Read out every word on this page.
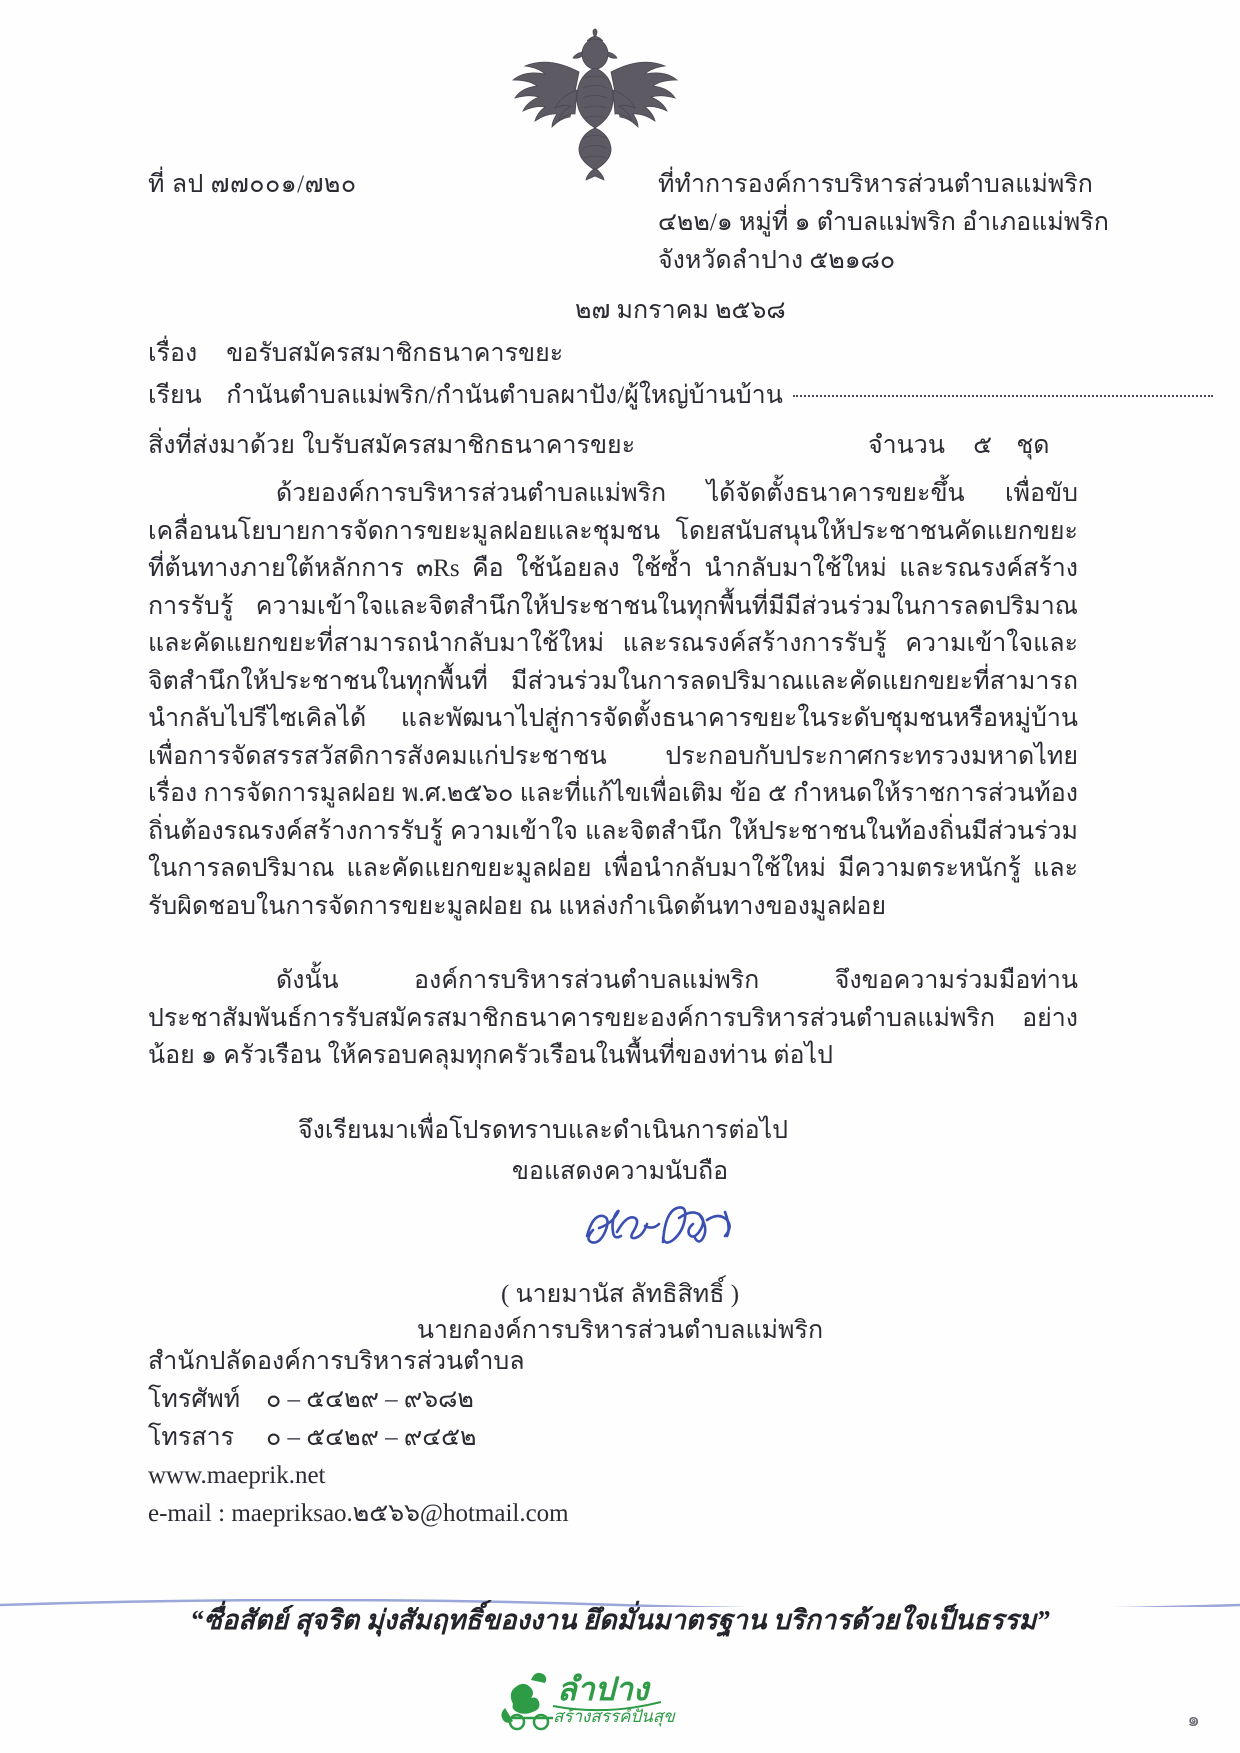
ที่ ลป ๗๗๐๐๑/๗๒๐	ที่ทำการองค์การบริหารส่วนตำบลแม่พริก
๔๒๒/๑ หมู่ที่ ๑ ตำบลแม่พริก อำเภอแม่พริก
จังหวัดลำปาง ๕๒๑๘๐
๒๗ มกราคม ๒๕๖๘
เรื่อง ขอรับสมัครสมาชิกธนาคารขยะ
เรียน กำนันตำบลแม่พริก/กำนันตำบลผาปัง/ผู้ใหญ่บ้านบ้าน
สิ่งที่ส่งมาด้วย ใบรับสมัครสมาชิกธนาคารขยะ	จำนวน ๕ ชุด

ด้วยองค์การบริหารส่วนตำบลแม่พริก ได้จัดตั้งธนาคารขยะขึ้น เพื่อขับเคลื่อนนโยบายการจัดการขยะมูลฝอยและชุมชน โดยสนับสนุนให้ประชาชนคัดแยกขยะที่ต้นทางภายใต้หลักการ ๓Rs คือ ใช้น้อยลง ใช้ซ้ำ นำกลับมาใช้ใหม่ และรณรงค์สร้างการรับรู้ ความเข้าใจและจิตสำนึกให้ประชาชนในทุกพื้นที่มีมีส่วนร่วมในการลดปริมาณและคัดแยกขยะที่สามารถนำกลับมาใช้ใหม่ และรณรงค์สร้างการรับรู้ ความเข้าใจและจิตสำนึกให้ประชาชนในทุกพื้นที่ มีส่วนร่วมในการลดปริมาณและคัดแยกขยะที่สามารถนำกลับไปรีไซเคิลได้ และพัฒนาไปสู่การจัดตั้งธนาคารขยะในระดับชุมชนหรือหมู่บ้านเพื่อการจัดสรรสวัสดิการสังคมแก่ประชาชน ประกอบกับประกาศกระทรวงมหาดไทย เรื่อง การจัดการมูลฝอย พ.ศ.๒๕๖๐ และที่แก้ไขเพื่อเติม ข้อ ๕ กำหนดให้ราชการส่วนท้องถิ่นต้องรณรงค์สร้างการรับรู้ ความเข้าใจ และจิตสำนึก ให้ประชาชนในท้องถิ่นมีส่วนร่วมในการลดปริมาณ และคัดแยกขยะมูลฝอย เพื่อนำกลับมาใช้ใหม่ มีความตระหนักรู้ และรับผิดชอบในการจัดการขยะมูลฝอย ณ แหล่งกำเนิดต้นทางของมูลฝอย

ดังนั้น องค์การบริหารส่วนตำบลแม่พริก จึงขอความร่วมมือท่านประชาสัมพันธ์การรับสมัครสมาชิกธนาคารขยะองค์การบริหารส่วนตำบลแม่พริก อย่างน้อย ๑ ครัวเรือน ให้ครอบคลุมทุกครัวเรือนในพื้นที่ของท่าน ต่อไป

จึงเรียนมาเพื่อโปรดทราบและดำเนินการต่อไป

ขอแสดงความนับถือ
( นายมานัส ลัทธิสิทธิ์ )
นายกองค์การบริหารส่วนตำบลแม่พริก
สำนักปลัดองค์การบริหารส่วนตำบล
โทรศัพท์ ๐ – ๕๔๒๙ – ๙๖๘๒
โทรสาร ๐ – ๕๔๒๙ – ๙๔๕๒
www.maeprik.net
e-mail : maepriksao.๒๕๖๖@hotmail.com
“ซื่อสัตย์ สุจริต มุ่งสัมฤทธิ์ของงาน ยึดมั่นมาตรฐาน บริการด้วยใจเป็นธรรม”
ลำปาง
สร้างสรรค์ปันสุข	๑
